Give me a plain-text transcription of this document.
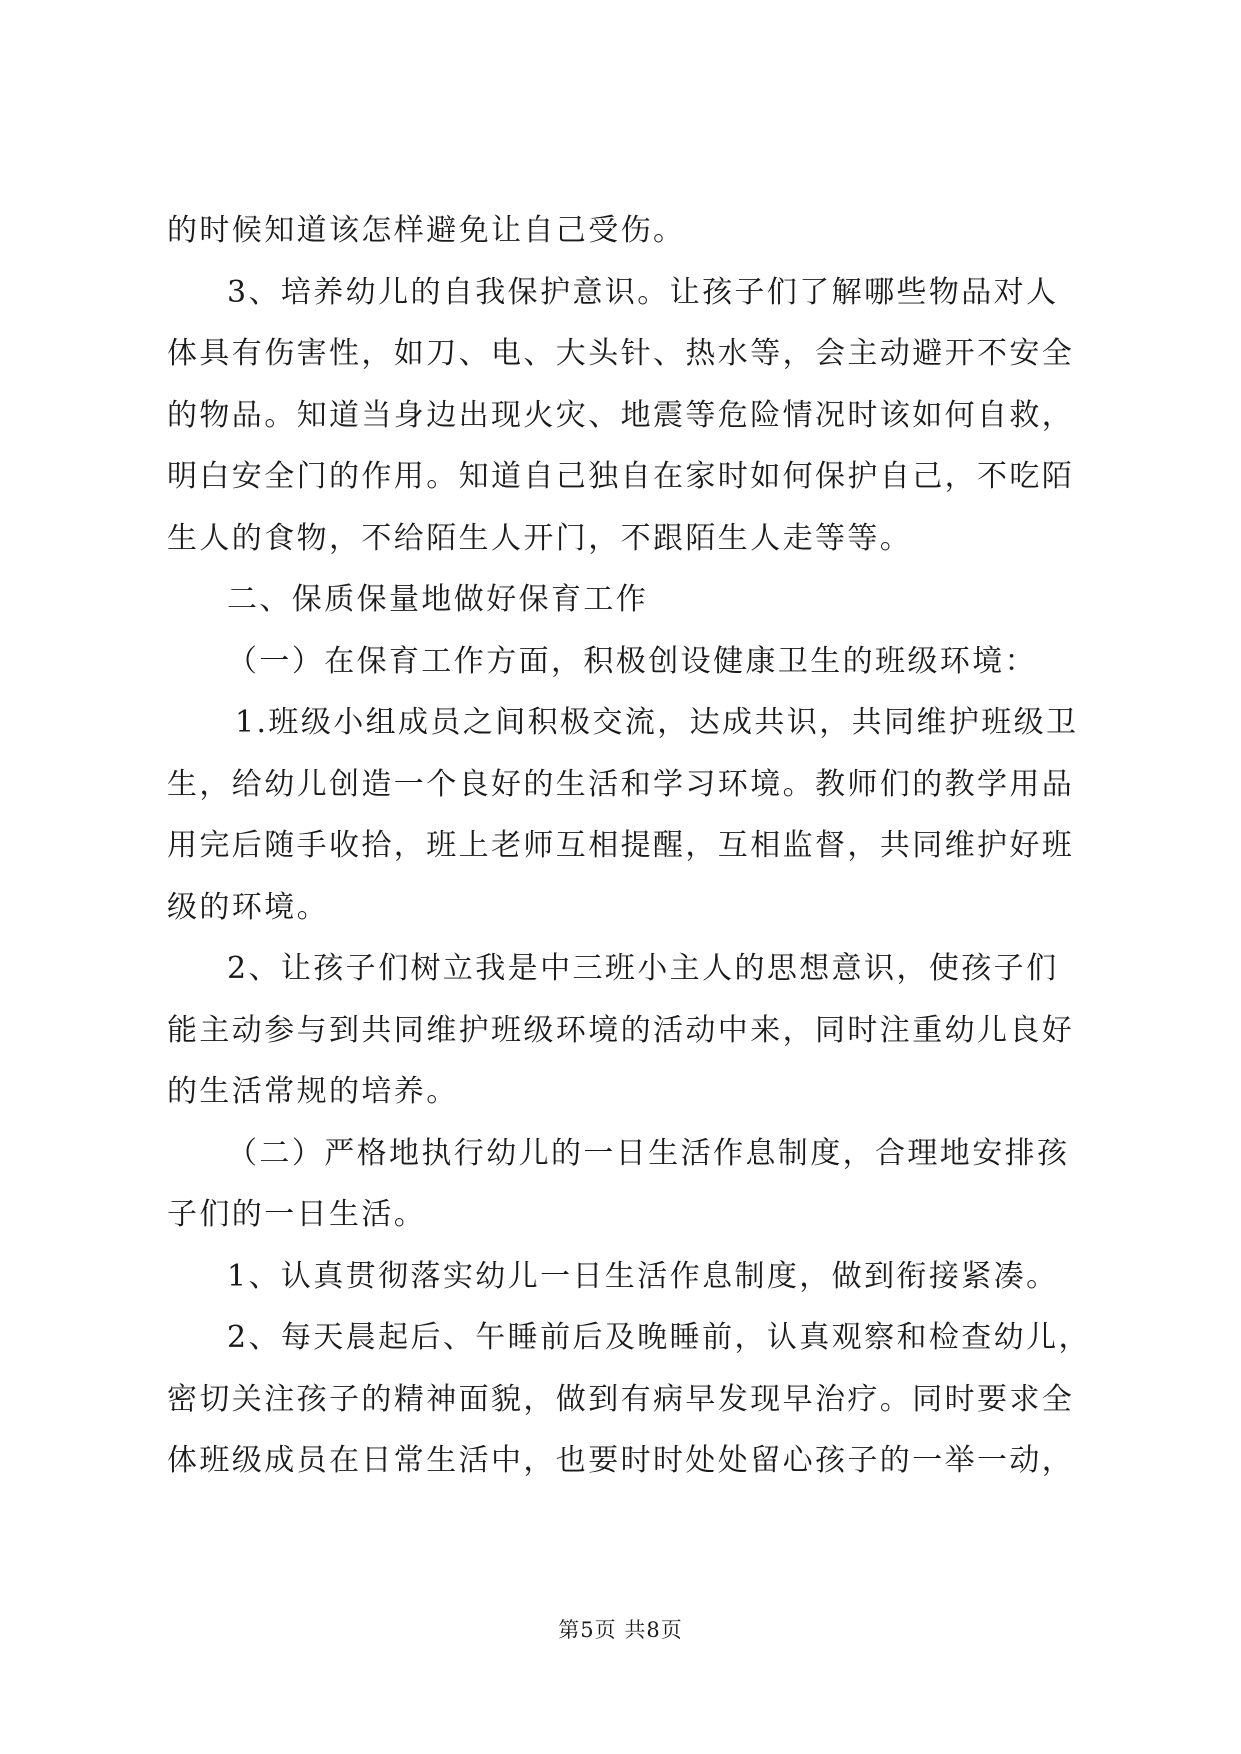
的时候知道该怎样避免让自己受伤。
3、培养幼儿的自我保护意识。让孩子们了解哪些物品对人
体具有伤害性，如刀、电、大头针、热水等，会主动避开不安全
的物品。知道当身边出现火灾、地震等危险情况时该如何自救，
明白安全门的作用。知道自己独自在家时如何保护自己，不吃陌
生人的食物，不给陌生人开门，不跟陌生人走等等。
二、保质保量地做好保育工作
（一）在保育工作方面，积极创设健康卫生的班级环境：
1.班级小组成员之间积极交流，达成共识，共同维护班级卫
生，给幼儿创造一个良好的生活和学习环境。教师们的教学用品
用完后随手收拾，班上老师互相提醒，互相监督，共同维护好班
级的环境。
2、让孩子们树立我是中三班小主人的思想意识，使孩子们
能主动参与到共同维护班级环境的活动中来，同时注重幼儿良好
的生活常规的培养。
（二）严格地执行幼儿的一日生活作息制度，合理地安排孩
子们的一日生活。
1、认真贯彻落实幼儿一日生活作息制度，做到衔接紧凑。
2、每天晨起后、午睡前后及晚睡前，认真观察和检查幼儿，
密切关注孩子的精神面貌，做到有病早发现早治疗。同时要求全
体班级成员在日常生活中，也要时时处处留心孩子的一举一动，
第5页 共8页
